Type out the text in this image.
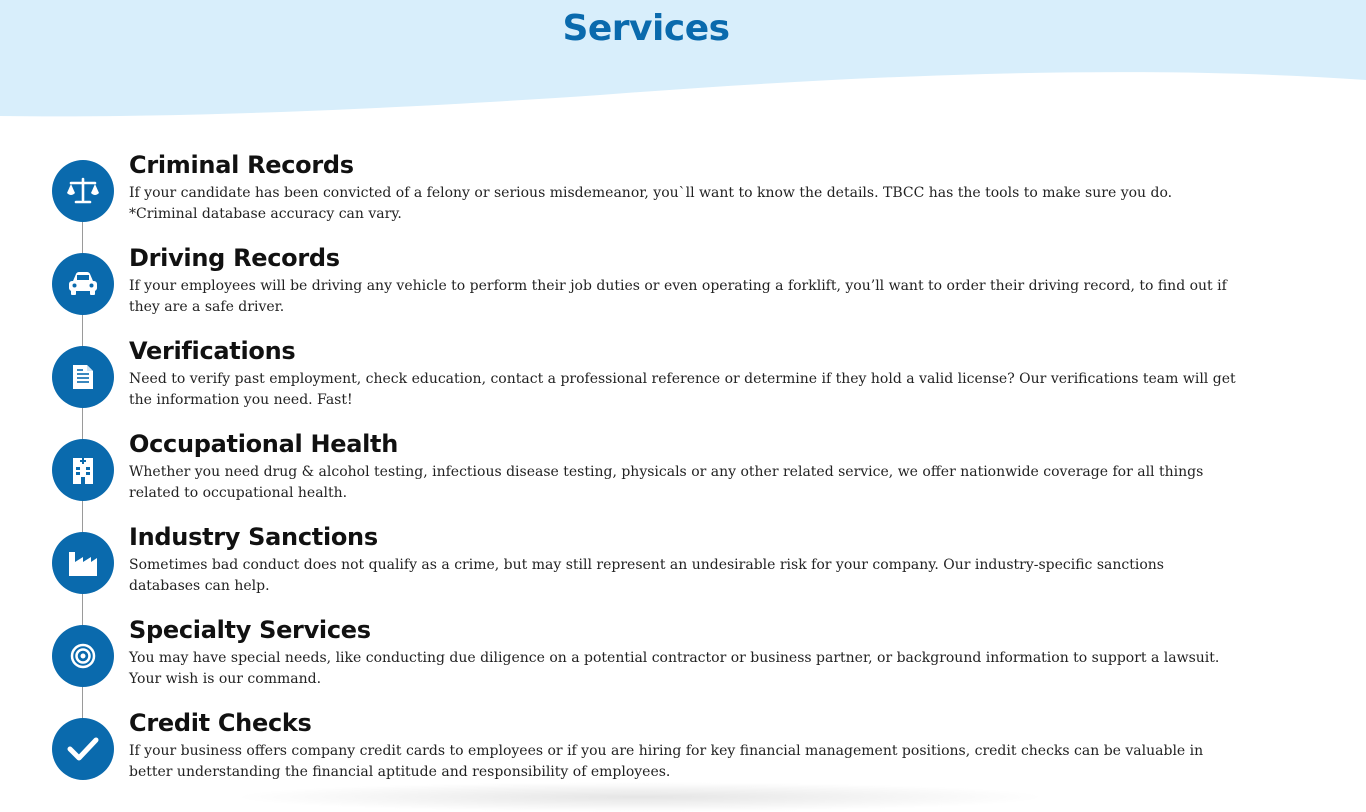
Services
Criminal Records

If your candidate has been convicted of a felony or serious misdemeanor, you`ll want to know the details. TBCC has the tools to make sure you do. *Criminal database accuracy can vary.

Driving Records

If your employees will be driving any vehicle to perform their job duties or even operating a forklift, you’ll want to order their driving record, to find out if they are a safe driver.

Verifications

Need to verify past employment, check education, contact a professional reference or determine if they hold a valid license? Our verifications team will get the information you need. Fast!

Occupational Health

Whether you need drug & alcohol testing, infectious disease testing, physicals or any other related service, we offer nationwide coverage for all things related to occupational health.

Industry Sanctions

Sometimes bad conduct does not qualify as a crime, but may still represent an undesirable risk for your company. Our industry-specific sanctions databases can help.

Specialty Services

You may have special needs, like conducting due diligence on a potential contractor or business partner, or background information to support a lawsuit. Your wish is our command.

Credit Checks

If your business offers company credit cards to employees or if you are hiring for key financial management positions, credit checks can be valuable in better understanding the financial aptitude and responsibility of employees.
